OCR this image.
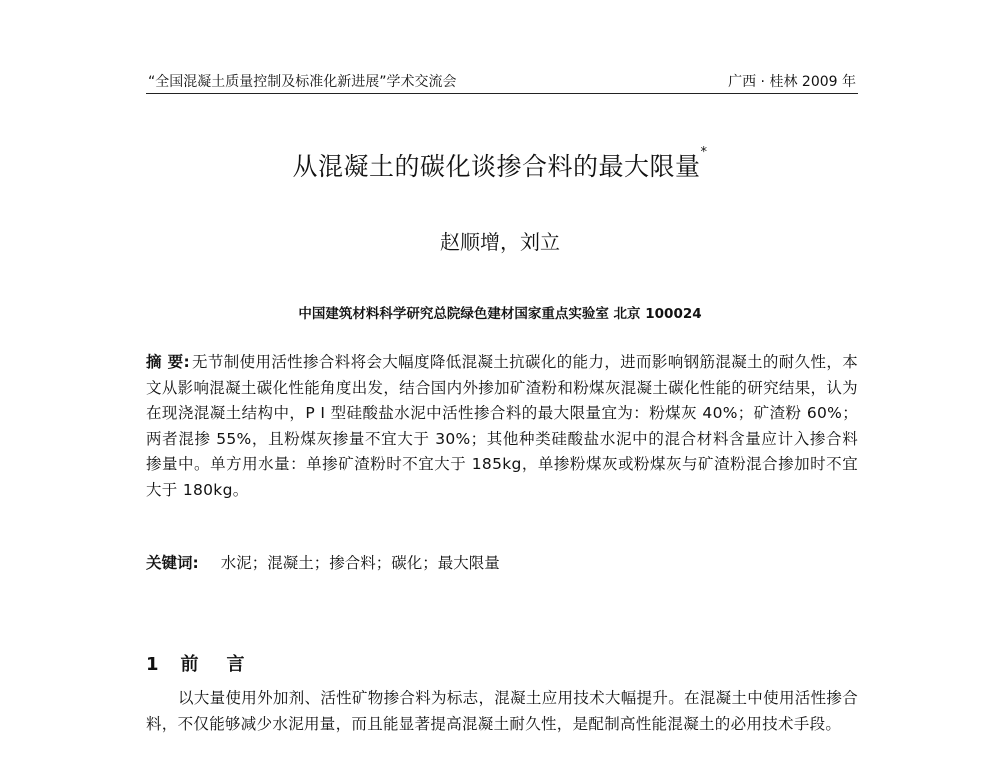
“全国混凝土质量控制及标准化新进展”学术交流会	广西 · 桂林 2009 年
从混凝土的碳化谈掺合料的最大限量*
赵顺增，刘立
中国建筑材料科学研究总院绿色建材国家重点实验室 北京 100024
摘 要: 无节制使用活性掺合料将会大幅度降低混凝土抗碳化的能力，进而影响钢筋混凝土的耐久性，本文从影响混凝土碳化性能角度出发，结合国内外掺加矿渣粉和粉煤灰混凝土碳化性能的研究结果，认为在现浇混凝土结构中，P I 型硅酸盐水泥中活性掺合料的最大限量宜为：粉煤灰 40%；矿渣粉 60%；两者混掺 55%，且粉煤灰掺量不宜大于 30%；其他种类硅酸盐水泥中的混合材料含量应计入掺合料掺量中。单方用水量：单掺矿渣粉时不宜大于 185kg，单掺粉煤灰或粉煤灰与矿渣粉混合掺加时不宜大于 180kg。
关键词: 水泥；混凝土；掺合料；碳化；最大限量
1 前言
以大量使用外加剂、活性矿物掺合料为标志，混凝土应用技术大幅提升。在混凝土中使用活性掺合料，不仅能够减少水泥用量，而且能显著提高混凝土耐久性，是配制高性能混凝土的必用技术手段。
